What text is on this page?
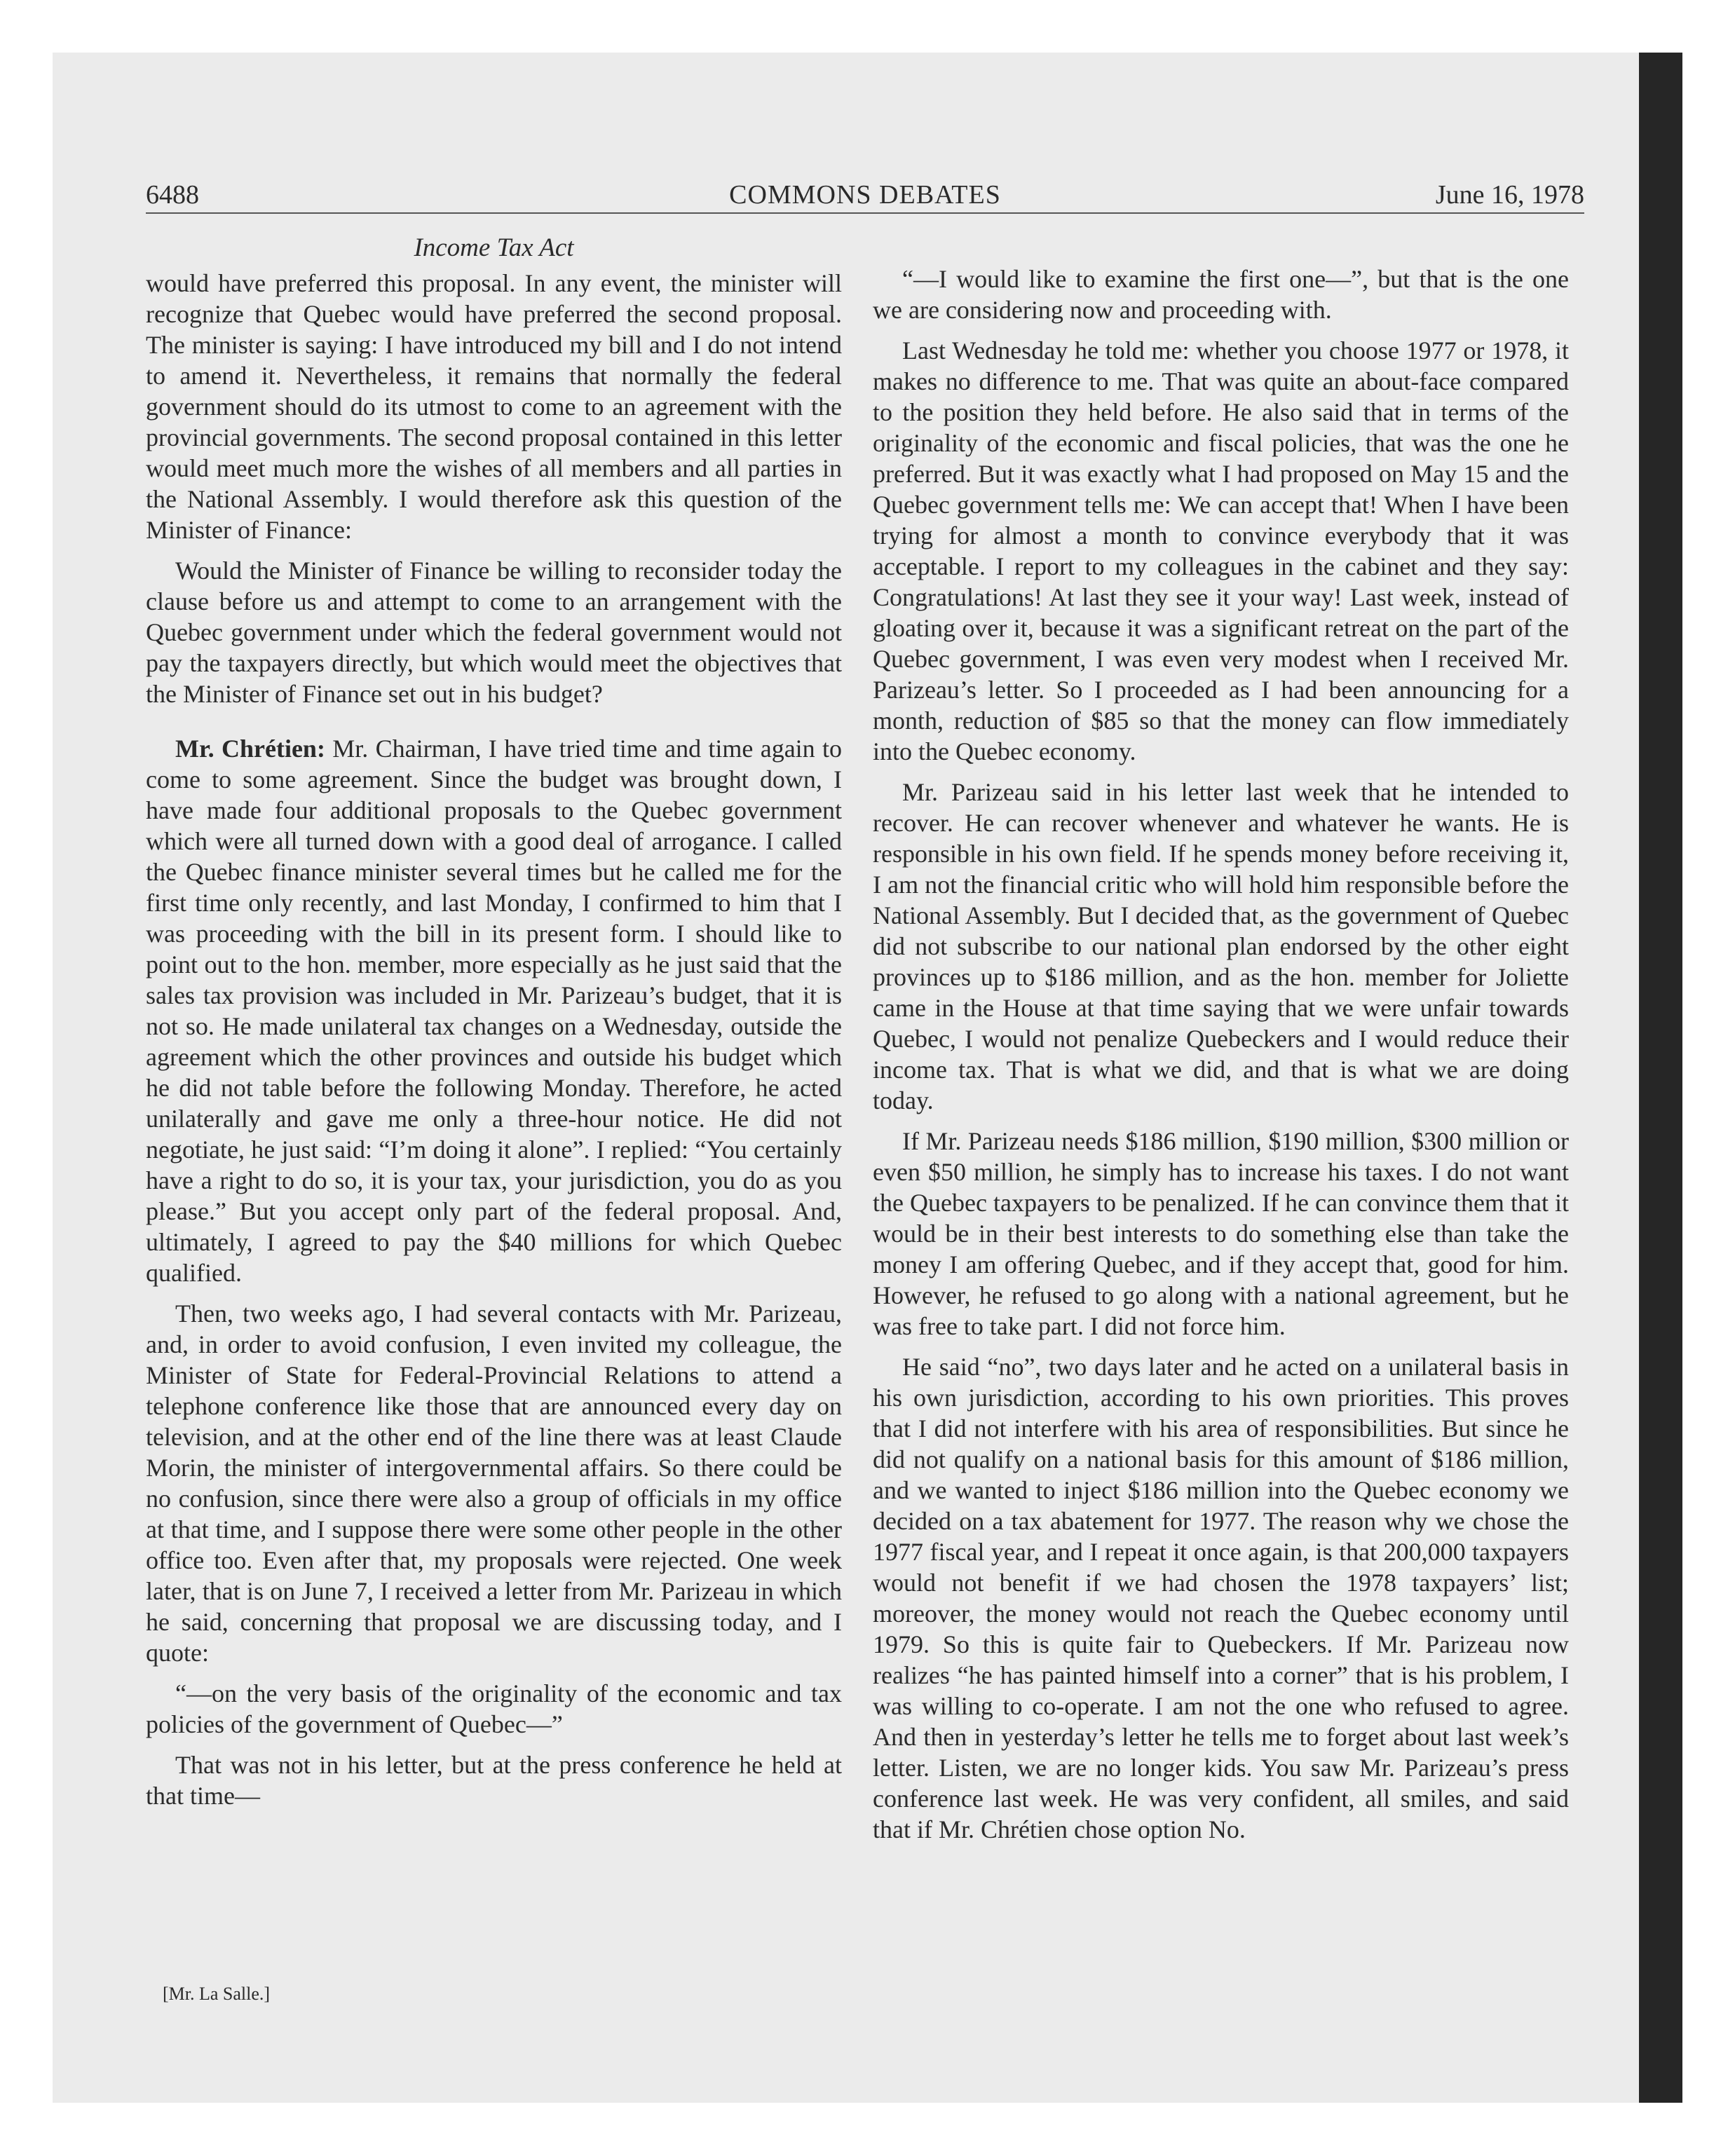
6488	COMMONS DEBATES	June 16, 1978
Income Tax Act

would have preferred this proposal. In any event, the minister will recognize that Quebec would have preferred the second proposal. The minister is saying: I have introduced my bill and I do not intend to amend it. Nevertheless, it remains that normally the federal government should do its utmost to come to an agreement with the provincial governments. The second proposal contained in this letter would meet much more the wishes of all members and all parties in the National Assembly. I would therefore ask this question of the Minister of Finance:

Would the Minister of Finance be willing to reconsider today the clause before us and attempt to come to an arrangement with the Quebec government under which the federal government would not pay the taxpayers directly, but which would meet the objectives that the Minister of Finance set out in his budget?

Mr. Chrétien: Mr. Chairman, I have tried time and time again to come to some agreement. Since the budget was brought down, I have made four additional proposals to the Quebec government which were all turned down with a good deal of arrogance. I called the Quebec finance minister several times but he called me for the first time only recently, and last Monday, I confirmed to him that I was proceeding with the bill in its present form. I should like to point out to the hon. member, more especially as he just said that the sales tax provision was included in Mr. Parizeau’s budget, that it is not so. He made unilateral tax changes on a Wednesday, outside the agreement which the other provinces and outside his budget which he did not table before the following Monday. Therefore, he acted unilaterally and gave me only a three-hour notice. He did not negotiate, he just said: “I’m doing it alone”. I replied: “You certainly have a right to do so, it is your tax, your jurisdiction, you do as you please.” But you accept only part of the federal proposal. And, ultimately, I agreed to pay the $40 millions for which Quebec qualified.

Then, two weeks ago, I had several contacts with Mr. Parizeau, and, in order to avoid confusion, I even invited my colleague, the Minister of State for Federal-Provincial Relations to attend a telephone conference like those that are announced every day on television, and at the other end of the line there was at least Claude Morin, the minister of intergovernmental affairs. So there could be no confusion, since there were also a group of officials in my office at that time, and I suppose there were some other people in the other office too. Even after that, my proposals were rejected. One week later, that is on June 7, I received a letter from Mr. Parizeau in which he said, concerning that proposal we are discussing today, and I quote:

“—on the very basis of the originality of the economic and tax policies of the government of Quebec—”

That was not in his letter, but at the press conference he held at that time—

[Mr. La Salle.]

“—I would like to examine the first one—”, but that is the one we are considering now and proceeding with.

Last Wednesday he told me: whether you choose 1977 or 1978, it makes no difference to me. That was quite an about-face compared to the position they held before. He also said that in terms of the originality of the economic and fiscal policies, that was the one he preferred. But it was exactly what I had proposed on May 15 and the Quebec government tells me: We can accept that! When I have been trying for almost a month to convince everybody that it was acceptable. I report to my colleagues in the cabinet and they say: Congratulations! At last they see it your way! Last week, instead of gloating over it, because it was a significant retreat on the part of the Quebec government, I was even very modest when I received Mr. Parizeau’s letter. So I proceeded as I had been announcing for a month, reduction of $85 so that the money can flow immediately into the Quebec economy.

Mr. Parizeau said in his letter last week that he intended to recover. He can recover whenever and whatever he wants. He is responsible in his own field. If he spends money before receiving it, I am not the financial critic who will hold him responsible before the National Assembly. But I decided that, as the government of Quebec did not subscribe to our national plan endorsed by the other eight provinces up to $186 million, and as the hon. member for Joliette came in the House at that time saying that we were unfair towards Quebec, I would not penalize Quebeckers and I would reduce their income tax. That is what we did, and that is what we are doing today.

If Mr. Parizeau needs $186 million, $190 million, $300 million or even $50 million, he simply has to increase his taxes. I do not want the Quebec taxpayers to be penalized. If he can convince them that it would be in their best interests to do something else than take the money I am offering Quebec, and if they accept that, good for him. However, he refused to go along with a national agreement, but he was free to take part. I did not force him.

He said “no”, two days later and he acted on a unilateral basis in his own jurisdiction, according to his own priorities. This proves that I did not interfere with his area of responsibilities. But since he did not qualify on a national basis for this amount of $186 million, and we wanted to inject $186 million into the Quebec economy we decided on a tax abatement for 1977. The reason why we chose the 1977 fiscal year, and I repeat it once again, is that 200,000 taxpayers would not benefit if we had chosen the 1978 taxpayers’ list; moreover, the money would not reach the Quebec economy until 1979. So this is quite fair to Quebeckers. If Mr. Parizeau now realizes “he has painted himself into a corner” that is his problem, I was willing to co-operate. I am not the one who refused to agree. And then in yesterday’s letter he tells me to forget about last week’s letter. Listen, we are no longer kids. You saw Mr. Parizeau’s press conference last week. He was very confident, all smiles, and said that if Mr. Chrétien chose option No.
